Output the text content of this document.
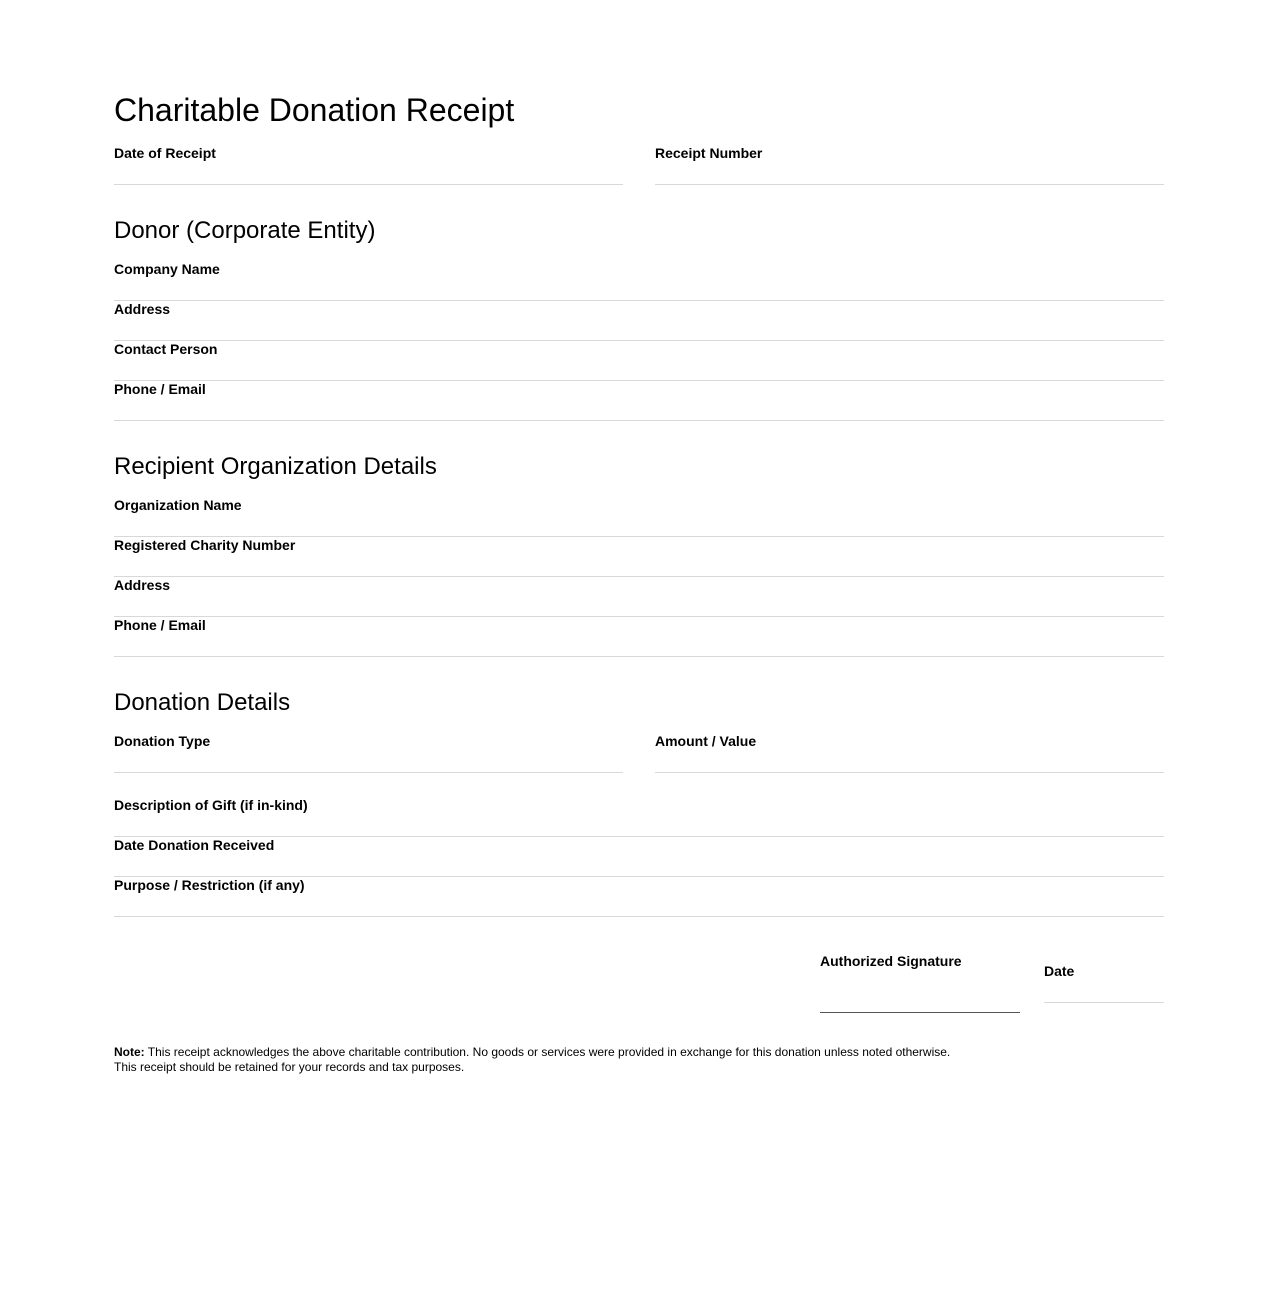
Charitable Donation Receipt
Date of Receipt	Receipt Number
Donor (Corporate Entity)
Company Name
Address
Contact Person
Phone / Email
Recipient Organization Details
Organization Name
Registered Charity Number
Address
Phone / Email
Donation Details
Donation Type	Amount / Value
Description of Gift (if in-kind)
Date Donation Received
Purpose / Restriction (if any)
Authorized Signature
Date
Note: This receipt acknowledges the above charitable contribution. No goods or services were provided in exchange for this donation unless noted otherwise.
This receipt should be retained for your records and tax purposes.
